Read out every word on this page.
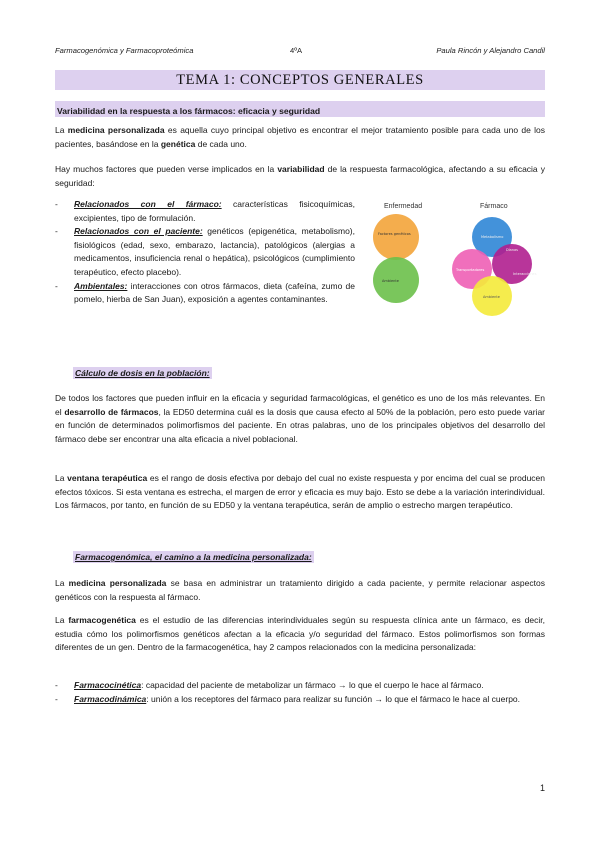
Farmacogenómica y Farmacoproteómica	4ºA	Paula Rincón y Alejandro Candil
TEMA 1: CONCEPTOS GENERALES
Variabilidad en la respuesta a los fármacos: eficacia y seguridad
La medicina personalizada es aquella cuyo principal objetivo es encontrar el mejor tratamiento posible para cada uno de los pacientes, basándose en la genética de cada uno.
Hay muchos factores que pueden verse implicados en la variabilidad de la respuesta farmacológica, afectando a su eficacia y seguridad:
- Relacionados con el fármaco: características fisicoquímicas, excipientes, tipo de formulación.
- Relacionados con el paciente: genéticos (epigenética, metabolismo), fisiológicos (edad, sexo, embarazo, lactancia), patológicos (alergias a medicamentos, insuficiencia renal o hepática), psicológicos (cumplimiento terapéutico, efecto placebo).
- Ambientales: interacciones con otros fármacos, dieta (cafeína, zumo de pomelo, hierba de San Juan), exposición a agentes contaminantes.
Enfermedad	Fármaco
Factores genéticos
Ambiente
Metabolismo
Dianas
Transportadores
Ambiente
Interacciones
Cálculo de dosis en la población:
De todos los factores que pueden influir en la eficacia y seguridad farmacológicas, el genético es uno de los más relevantes. En el desarrollo de fármacos, la ED50 determina cuál es la dosis que causa efecto al 50% de la población, pero esto puede variar en función de determinados polimorfismos del paciente. En otras palabras, uno de los principales objetivos del desarrollo del fármaco debe ser encontrar una alta eficacia a nivel poblacional.
La ventana terapéutica es el rango de dosis efectiva por debajo del cual no existe respuesta y por encima del cual se producen efectos tóxicos. Si esta ventana es estrecha, el margen de error y eficacia es muy bajo. Esto se debe a la variación interindividual. Los fármacos, por tanto, en función de su ED50 y la ventana terapéutica, serán de amplio o estrecho margen terapéutico.
Farmacogenómica, el camino a la medicina personalizada:
La medicina personalizada se basa en administrar un tratamiento dirigido a cada paciente, y permite relacionar aspectos genéticos con la respuesta al fármaco.
La farmacogenética es el estudio de las diferencias interindividuales según su respuesta clínica ante un fármaco, es decir, estudia cómo los polimorfismos genéticos afectan a la eficacia y/o seguridad del fármaco. Estos polimorfismos son formas diferentes de un gen. Dentro de la farmacogenética, hay 2 campos relacionados con la medicina personalizada:
- Farmacocinética: capacidad del paciente de metabolizar un fármaco → lo que el cuerpo le hace al fármaco.
- Farmacodinámica: unión a los receptores del fármaco para realizar su función → lo que el fármaco le hace al cuerpo.
1
